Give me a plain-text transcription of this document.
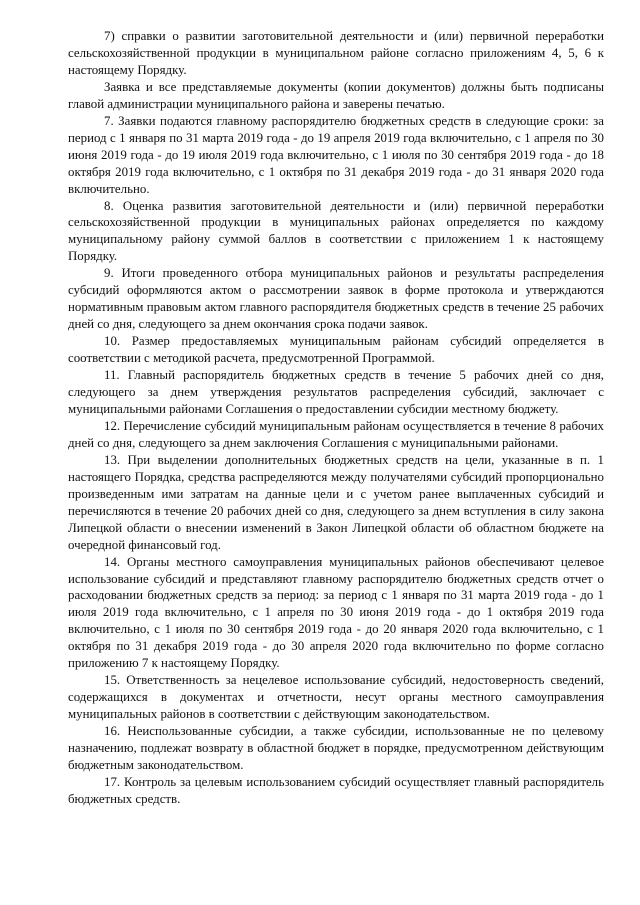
7) справки о развитии заготовительной деятельности и (или) первичной переработки сельскохозяйственной продукции в муниципальном районе согласно приложениям 4, 5, 6 к настоящему Порядку.

Заявка и все представляемые документы (копии документов) должны быть подписаны главой администрации муниципального района и заверены печатью.

7. Заявки подаются главному распорядителю бюджетных средств в следующие сроки: за период с 1 января по 31 марта 2019 года - до 19 апреля 2019 года включительно, с 1 апреля по 30 июня 2019 года - до 19 июля 2019 года включительно, с 1 июля по 30 сентября 2019 года - до 18 октября 2019 года включительно, с 1 октября по 31 декабря 2019 года - до 31 января 2020 года включительно.

8. Оценка развития заготовительной деятельности и (или) первичной переработки сельскохозяйственной продукции в муниципальных районах определяется по каждому муниципальному району суммой баллов в соответствии с приложением 1 к настоящему Порядку.

9. Итоги проведенного отбора муниципальных районов и результаты распределения субсидий оформляются актом о рассмотрении заявок в форме протокола и утверждаются нормативным правовым актом главного распорядителя бюджетных средств в течение 25 рабочих дней со дня, следующего за днем окончания срока подачи заявок.

10. Размер предоставляемых муниципальным районам субсидий определяется в соответствии с методикой расчета, предусмотренной Программой.

11. Главный распорядитель бюджетных средств в течение 5 рабочих дней со дня, следующего за днем утверждения результатов распределения субсидий, заключает с муниципальными районами Соглашения о предоставлении субсидии местному бюджету.

12. Перечисление субсидий муниципальным районам осуществляется в течение 8 рабочих дней со дня, следующего за днем заключения Соглашения с муниципальными районами.

13. При выделении дополнительных бюджетных средств на цели, указанные в п. 1 настоящего Порядка, средства распределяются между получателями субсидий пропорционально произведенным ими затратам на данные цели и с учетом ранее выплаченных субсидий и перечисляются в течение 20 рабочих дней со дня, следующего за днем вступления в силу закона Липецкой области о внесении изменений в Закон Липецкой области об областном бюджете на очередной финансовый год.

14. Органы местного самоуправления муниципальных районов обеспечивают целевое использование субсидий и представляют главному распорядителю бюджетных средств отчет о расходовании бюджетных средств за период: за период с 1 января по 31 марта 2019 года - до 1 июля 2019 года включительно, с 1 апреля по 30 июня 2019 года - до 1 октября 2019 года включительно, с 1 июля по 30 сентября 2019 года - до 20 января 2020 года включительно, с 1 октября по 31 декабря 2019 года - до 30 апреля 2020 года включительно по форме согласно приложению 7 к настоящему Порядку.

15. Ответственность за нецелевое использование субсидий, недостоверность сведений, содержащихся в документах и отчетности, несут органы местного самоуправления муниципальных районов в соответствии с действующим законодательством.

16. Неиспользованные субсидии, а также субсидии, использованные не по целевому назначению, подлежат возврату в областной бюджет в порядке, предусмотренном действующим бюджетным законодательством.

17. Контроль за целевым использованием субсидий осуществляет главный распорядитель бюджетных средств.
